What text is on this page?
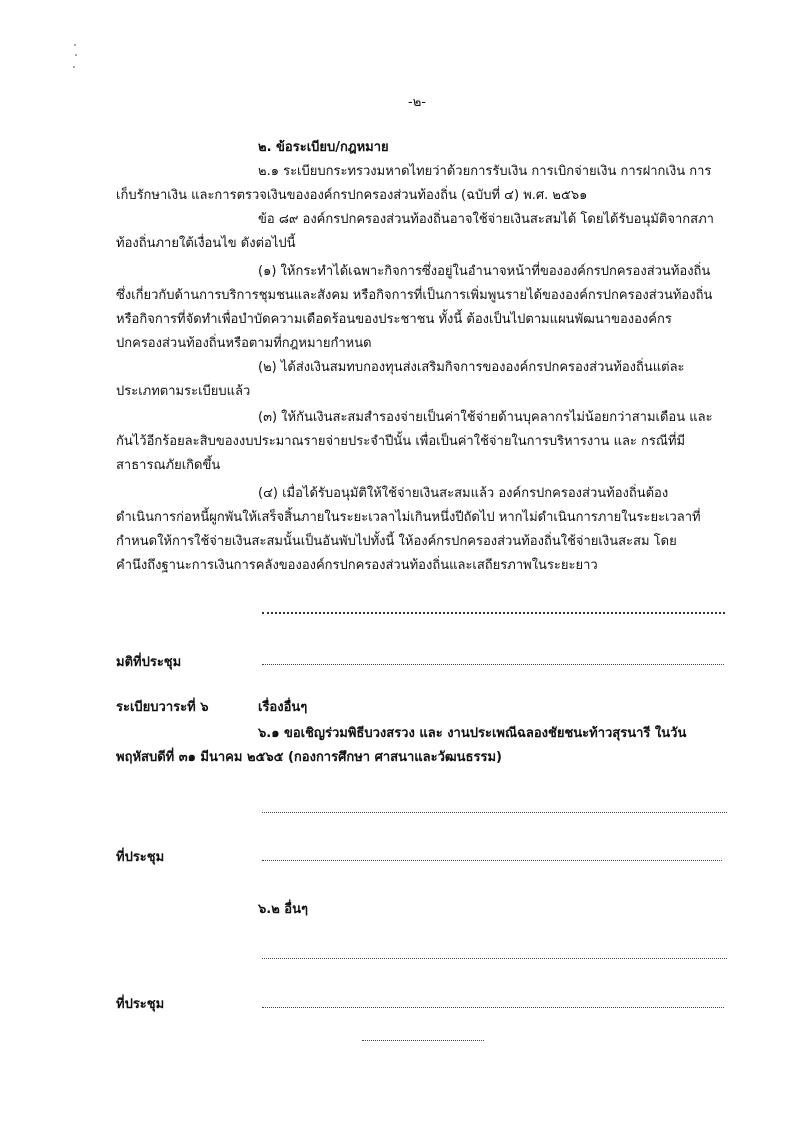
-๒-
๒. ข้อระเบียบ/กฎหมาย
๒.๑ ระเบียบกระทรวงมหาดไทยว่าด้วยการรับเงิน การเบิกจ่ายเงิน การฝากเงิน การ
เก็บรักษาเงิน และการตรวจเงินขององค์กรปกครองส่วนท้องถิ่น (ฉบับที่ ๔) พ.ศ. ๒๕๖๑
ข้อ ๘๙ องค์กรปกครองส่วนท้องถิ่นอาจใช้จ่ายเงินสะสมได้ โดยได้รับอนุมัติจากสภา
ท้องถิ่นภายใต้เงื่อนไข ดังต่อไปนี้
(๑) ให้กระทำได้เฉพาะกิจการซึ่งอยู่ในอำนาจหน้าที่ขององค์กรปกครองส่วนท้องถิ่น
ซึ่งเกี่ยวกับด้านการบริการชุมชนและสังคม หรือกิจการที่เป็นการเพิ่มพูนรายได้ขององค์กรปกครองส่วนท้องถิ่น
หรือกิจการที่จัดทำเพื่อบำบัดความเดือดร้อนของประชาชน ทั้งนี้ ต้องเป็นไปตามแผนพัฒนาขององค์กร
ปกครองส่วนท้องถิ่นหรือตามที่กฎหมายกำหนด
(๒) ได้ส่งเงินสมทบกองทุนส่งเสริมกิจการขององค์กรปกครองส่วนท้องถิ่นแต่ละ
ประเภทตามระเบียบแล้ว
(๓) ให้กันเงินสะสมสำรองจ่ายเป็นค่าใช้จ่ายด้านบุคลากรไม่น้อยกว่าสามเดือน และ
กันไว้อีกร้อยละสิบของงบประมาณรายจ่ายประจำปีนั้น เพื่อเป็นค่าใช้จ่ายในการบริหารงาน และ กรณีที่มี
สาธารณภัยเกิดขึ้น
(๔) เมื่อได้รับอนุมัติให้ใช้จ่ายเงินสะสมแล้ว องค์กรปกครองส่วนท้องถิ่นต้อง
ดำเนินการก่อหนี้ผูกพันให้เสร็จสิ้นภายในระยะเวลาไม่เกินหนึ่งปีถัดไป หากไม่ดำเนินการภายในระยะเวลาที่
กำหนดให้การใช้จ่ายเงินสะสมนั้นเป็นอันพับไปทั้งนี้ ให้องค์กรปกครองส่วนท้องถิ่นใช้จ่ายเงินสะสม โดย
คำนึงถึงฐานะการเงินการคลังขององค์กรปกครองส่วนท้องถิ่นและเสถียรภาพในระยะยาว
มติที่ประชุม
ระเบียบวาระที่ ๖	เรื่องอื่นๆ
๖.๑ ขอเชิญร่วมพิธีบวงสรวง และ งานประเพณีฉลองชัยชนะท้าวสุรนารี ในวัน
พฤหัสบดีที่ ๓๑ มีนาคม ๒๕๖๕ (กองการศึกษา ศาสนาและวัฒนธรรม)
ที่ประชุม
๖.๒ อื่นๆ
ที่ประชุม
